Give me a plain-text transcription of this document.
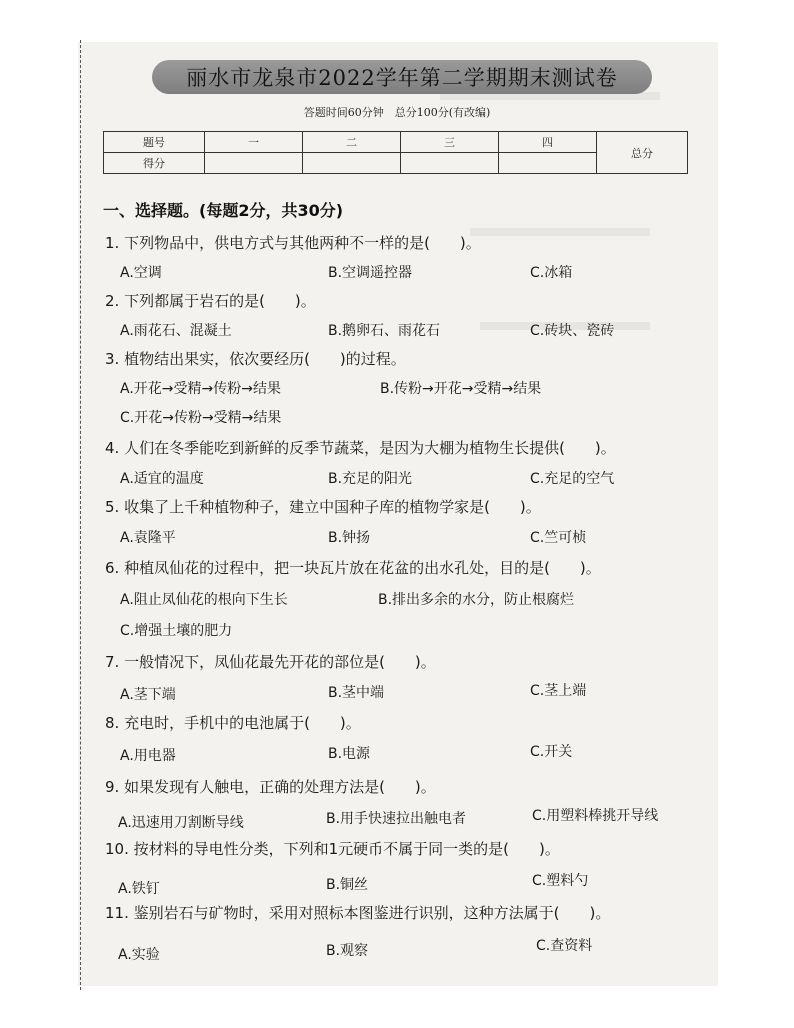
丽水市龙泉市2022学年第二学期期末测试卷
答题时间60分钟　总分100分(有改编)
题号	一	二	三	四	总分
得分					
一、选择题。(每题2分，共30分)
1. 下列物品中，供电方式与其他两种不一样的是(　　)。
A.空调	B.空调遥控器	C.冰箱
2. 下列都属于岩石的是(　　)。
A.雨花石、混凝土	B.鹅卵石、雨花石	C.砖块、瓷砖
3. 植物结出果实，依次要经历(　　)的过程。
A.开花→受精→传粉→结果	B.传粉→开花→受精→结果
C.开花→传粉→受精→结果
4. 人们在冬季能吃到新鲜的反季节蔬菜，是因为大棚为植物生长提供(　　)。
A.适宜的温度	B.充足的阳光	C.充足的空气
5. 收集了上千种植物种子，建立中国种子库的植物学家是(　　)。
A.袁隆平	B.钟扬	C.竺可桢
6. 种植凤仙花的过程中，把一块瓦片放在花盆的出水孔处，目的是(　　)。
A.阻止凤仙花的根向下生长	B.排出多余的水分，防止根腐烂
C.增强土壤的肥力
7. 一般情况下，凤仙花最先开花的部位是(　　)。
A.茎下端	B.茎中端	C.茎上端
8. 充电时，手机中的电池属于(　　)。
A.用电器	B.电源	C.开关
9. 如果发现有人触电，正确的处理方法是(　　)。
A.迅速用刀割断导线	B.用手快速拉出触电者	C.用塑料棒挑开导线
10. 按材料的导电性分类，下列和1元硬币不属于同一类的是(　　)。
A.铁钉	B.铜丝	C.塑料勺
11. 鉴别岩石与矿物时，采用对照标本图鉴进行识别，这种方法属于(　　)。
A.实验	B.观察	C.查资料
